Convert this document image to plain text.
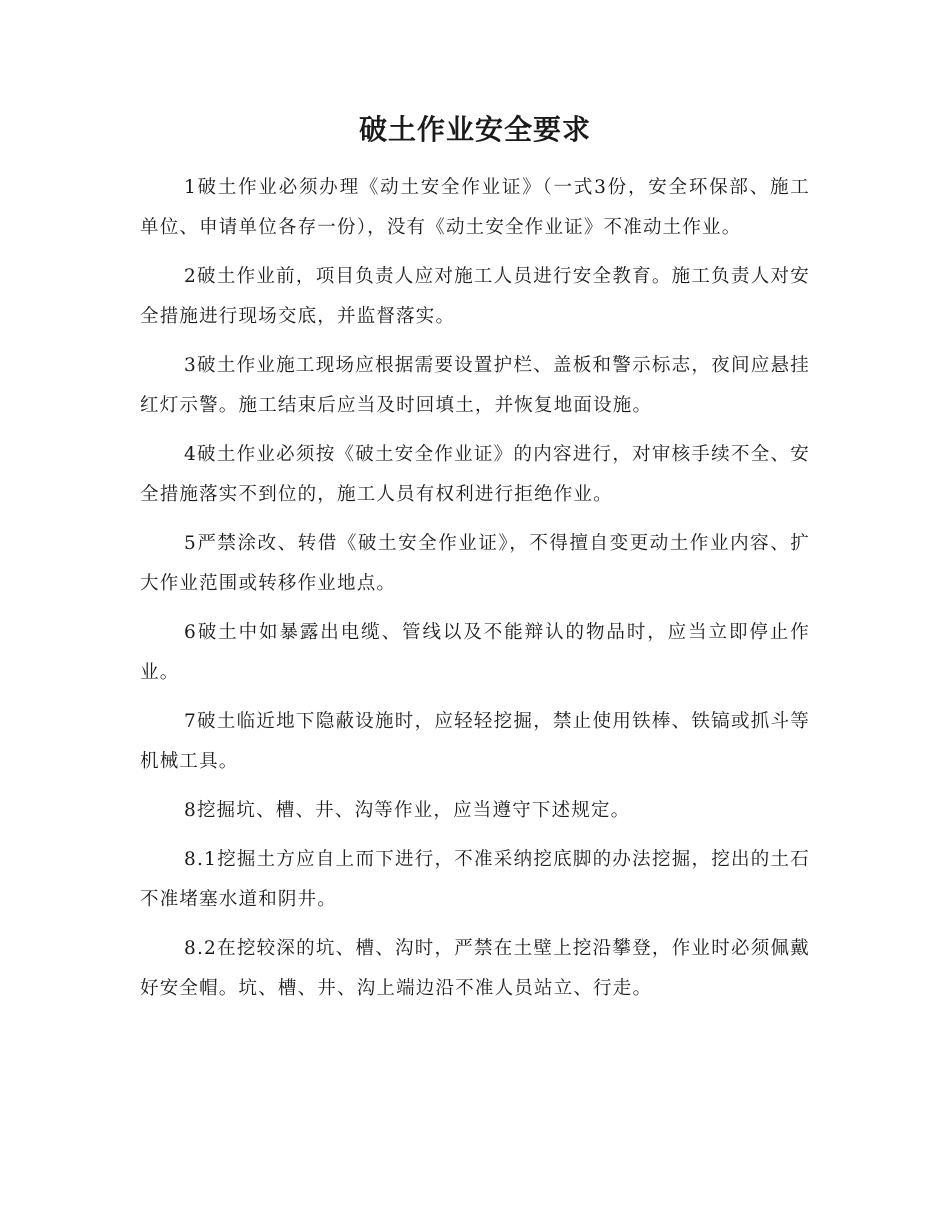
破土作业安全要求

1破土作业必须办理《动土安全作业证》（一式3份，安全环保部、施工单位、申请单位各存一份），没有《动土安全作业证》不准动土作业。

2破土作业前，项目负责人应对施工人员进行安全教育。施工负责人对安全措施进行现场交底，并监督落实。

3破土作业施工现场应根据需要设置护栏、盖板和警示标志，夜间应悬挂红灯示警。施工结束后应当及时回填土，并恢复地面设施。

4破土作业必须按《破土安全作业证》的内容进行，对审核手续不全、安全措施落实不到位的，施工人员有权利进行拒绝作业。

5严禁涂改、转借《破土安全作业证》，不得擅自变更动土作业内容、扩大作业范围或转移作业地点。

6破土中如暴露出电缆、管线以及不能辩认的物品时，应当立即停止作业。

7破土临近地下隐蔽设施时，应轻轻挖掘，禁止使用铁棒、铁镐或抓斗等机械工具。

8挖掘坑、槽、井、沟等作业，应当遵守下述规定。

8.1挖掘土方应自上而下进行，不准采纳挖底脚的办法挖掘，挖出的土石不准堵塞水道和阴井。

8.2在挖较深的坑、槽、沟时，严禁在土壁上挖沿攀登，作业时必须佩戴好安全帽。坑、槽、井、沟上端边沿不准人员站立、行走。
